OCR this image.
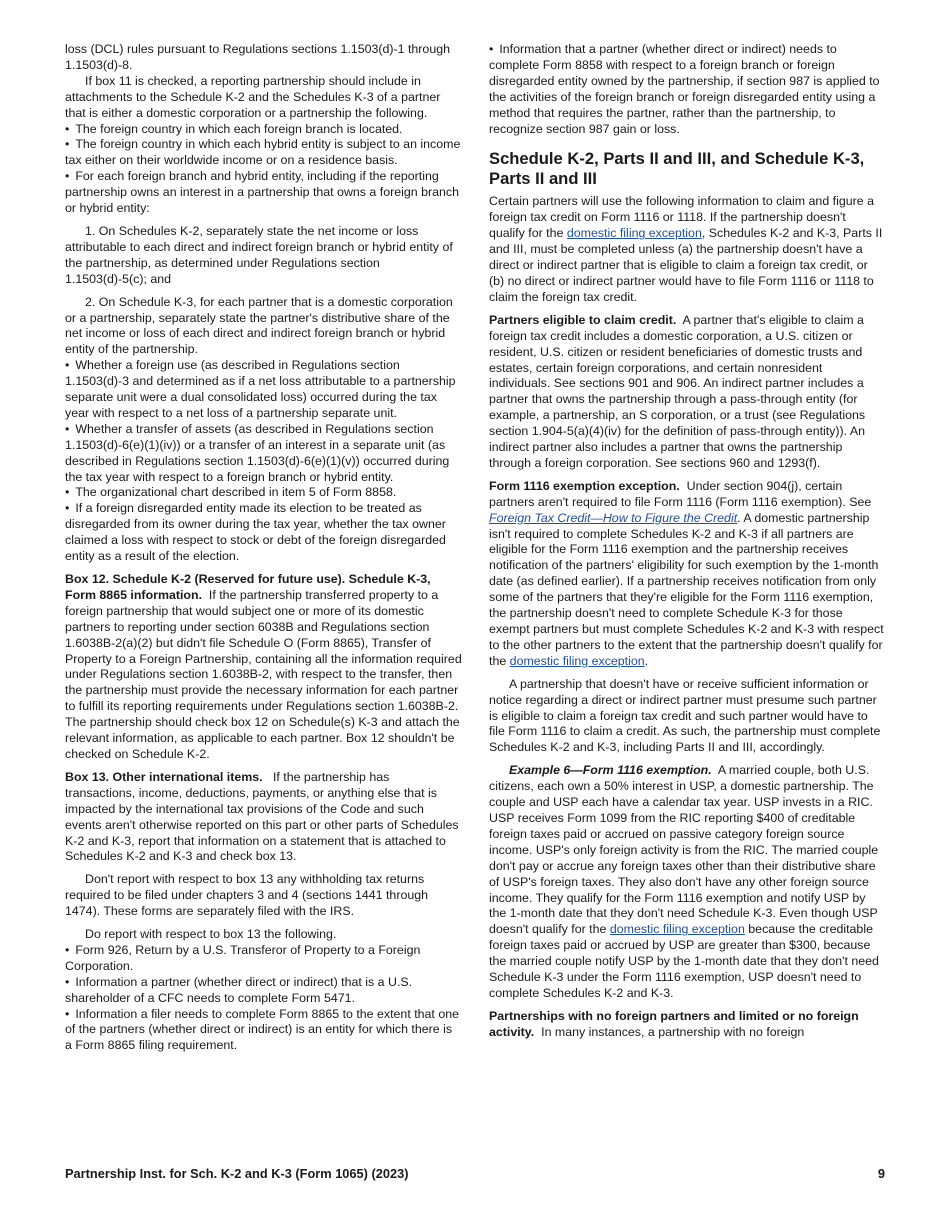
loss (DCL) rules pursuant to Regulations sections 1.1503(d)-1 through 1.1503(d)-8.

If box 11 is checked, a reporting partnership should include in attachments to the Schedule K-2 and the Schedules K-3 of a partner that is either a domestic corporation or a partnership the following.

• The foreign country in which each foreign branch is located.

• The foreign country in which each hybrid entity is subject to an income tax either on their worldwide income or on a residence basis.

• For each foreign branch and hybrid entity, including if the reporting partnership owns an interest in a partnership that owns a foreign branch or hybrid entity:

1. On Schedules K-2, separately state the net income or loss attributable to each direct and indirect foreign branch or hybrid entity of the partnership, as determined under Regulations section 1.1503(d)-5(c); and

2. On Schedule K-3, for each partner that is a domestic corporation or a partnership, separately state the partner's distributive share of the net income or loss of each direct and indirect foreign branch or hybrid entity of the partnership.

• Whether a foreign use (as described in Regulations section 1.1503(d)-3 and determined as if a net loss attributable to a partnership separate unit were a dual consolidated loss) occurred during the tax year with respect to a net loss of a partnership separate unit.

• Whether a transfer of assets (as described in Regulations section 1.1503(d)-6(e)(1)(iv)) or a transfer of an interest in a separate unit (as described in Regulations section 1.1503(d)-6(e)(1)(v)) occurred during the tax year with respect to a foreign branch or hybrid entity.

• The organizational chart described in item 5 of Form 8858.

• If a foreign disregarded entity made its election to be treated as disregarded from its owner during the tax year, whether the tax owner claimed a loss with respect to stock or debt of the foreign disregarded entity as a result of the election.

Box 12. Schedule K-2 (Reserved for future use). Schedule K-3, Form 8865 information. If the partnership transferred property to a foreign partnership that would subject one or more of its domestic partners to reporting under section 6038B and Regulations section 1.6038B-2(a)(2) but didn't file Schedule O (Form 8865), Transfer of Property to a Foreign Partnership, containing all the information required under Regulations section 1.6038B-2, with respect to the transfer, then the partnership must provide the necessary information for each partner to fulfill its reporting requirements under Regulations section 1.6038B-2. The partnership should check box 12 on Schedule(s) K-3 and attach the relevant information, as applicable to each partner. Box 12 shouldn't be checked on Schedule K-2.

Box 13. Other international items. If the partnership has transactions, income, deductions, payments, or anything else that is impacted by the international tax provisions of the Code and such events aren't otherwise reported on this part or other parts of Schedules K-2 and K-3, report that information on a statement that is attached to Schedules K-2 and K-3 and check box 13.

Don't report with respect to box 13 any withholding tax returns required to be filed under chapters 3 and 4 (sections 1441 through 1474). These forms are separately filed with the IRS.

Do report with respect to box 13 the following.

• Form 926, Return by a U.S. Transferor of Property to a Foreign Corporation.

• Information a partner (whether direct or indirect) that is a U.S. shareholder of a CFC needs to complete Form 5471.

• Information a filer needs to complete Form 8865 to the extent that one of the partners (whether direct or indirect) is an entity for which there is a Form 8865 filing requirement.

• Information that a partner (whether direct or indirect) needs to complete Form 8858 with respect to a foreign branch or foreign disregarded entity owned by the partnership, if section 987 is applied to the activities of the foreign branch or foreign disregarded entity using a method that requires the partner, rather than the partnership, to recognize section 987 gain or loss.

Schedule K-2, Parts II and III, and Schedule K-3, Parts II and III

Certain partners will use the following information to claim and figure a foreign tax credit on Form 1116 or 1118. If the partnership doesn't qualify for the domestic filing exception, Schedules K-2 and K-3, Parts II and III, must be completed unless (a) the partnership doesn't have a direct or indirect partner that is eligible to claim a foreign tax credit, or (b) no direct or indirect partner would have to file Form 1116 or 1118 to claim the foreign tax credit.

Partners eligible to claim credit. A partner that's eligible to claim a foreign tax credit includes a domestic corporation, a U.S. citizen or resident, U.S. citizen or resident beneficiaries of domestic trusts and estates, certain foreign corporations, and certain nonresident individuals. See sections 901 and 906. An indirect partner includes a partner that owns the partnership through a pass-through entity (for example, a partnership, an S corporation, or a trust (see Regulations section 1.904-5(a)(4)(iv) for the definition of pass-through entity)). An indirect partner also includes a partner that owns the partnership through a foreign corporation. See sections 960 and 1293(f).

Form 1116 exemption exception. Under section 904(j), certain partners aren't required to file Form 1116 (Form 1116 exemption). See Foreign Tax Credit—How to Figure the Credit. A domestic partnership isn't required to complete Schedules K-2 and K-3 if all partners are eligible for the Form 1116 exemption and the partnership receives notification of the partners' eligibility for such exemption by the 1-month date (as defined earlier). If a partnership receives notification from only some of the partners that they're eligible for the Form 1116 exemption, the partnership doesn't need to complete Schedule K-3 for those exempt partners but must complete Schedules K-2 and K-3 with respect to the other partners to the extent that the partnership doesn't qualify for the domestic filing exception.

A partnership that doesn't have or receive sufficient information or notice regarding a direct or indirect partner must presume such partner is eligible to claim a foreign tax credit and such partner would have to file Form 1116 to claim a credit. As such, the partnership must complete Schedules K-2 and K-3, including Parts II and III, accordingly.

Example 6—Form 1116 exemption. A married couple, both U.S. citizens, each own a 50% interest in USP, a domestic partnership. The couple and USP each have a calendar tax year. USP invests in a RIC. USP receives Form 1099 from the RIC reporting $400 of creditable foreign taxes paid or accrued on passive category foreign source income. USP's only foreign activity is from the RIC. The married couple don't pay or accrue any foreign taxes other than their distributive share of USP's foreign taxes. They also don't have any other foreign source income. They qualify for the Form 1116 exemption and notify USP by the 1-month date that they don't need Schedule K-3. Even though USP doesn't qualify for the domestic filing exception because the creditable foreign taxes paid or accrued by USP are greater than $300, because the married couple notify USP by the 1-month date that they don't need Schedule K-3 under the Form 1116 exemption, USP doesn't need to complete Schedules K-2 and K-3.

Partnerships with no foreign partners and limited or no foreign activity. In many instances, a partnership with no foreign

Partnership Inst. for Sch. K-2 and K-3 (Form 1065) (2023)	9
